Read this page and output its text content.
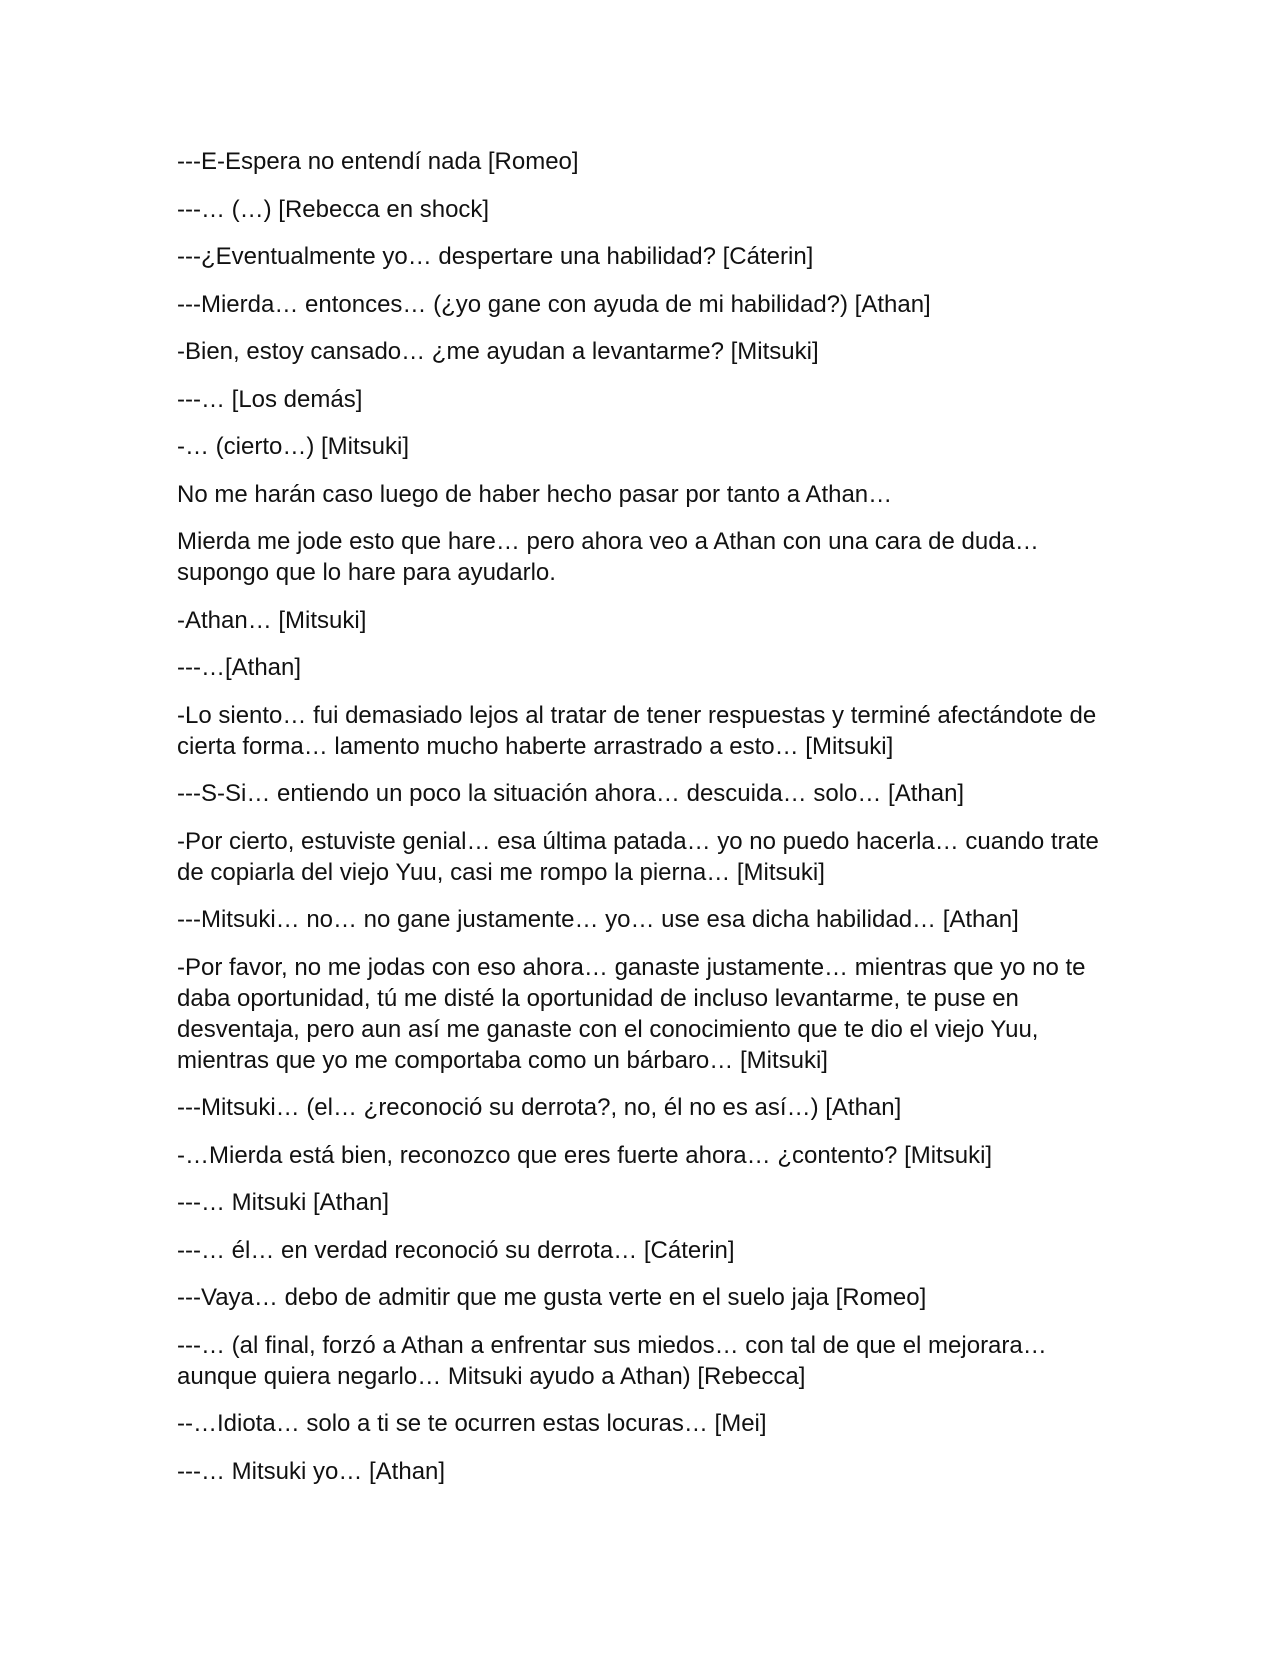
---E-Espera no entendí nada [Romeo]

---… (…) [Rebecca en shock]

---¿Eventualmente yo… despertare una habilidad? [Cáterin]

---Mierda… entonces… (¿yo gane con ayuda de mi habilidad?) [Athan]

-Bien, estoy cansado… ¿me ayudan a levantarme? [Mitsuki]

---… [Los demás]

-… (cierto…) [Mitsuki]

No me harán caso luego de haber hecho pasar por tanto a Athan…

Mierda me jode esto que hare… pero ahora veo a Athan con una cara de duda… supongo que lo hare para ayudarlo.

-Athan… [Mitsuki]

---…[Athan]

-Lo siento… fui demasiado lejos al tratar de tener respuestas y terminé afectándote de cierta forma… lamento mucho haberte arrastrado a esto… [Mitsuki]

---S-Si… entiendo un poco la situación ahora… descuida… solo… [Athan]

-Por cierto, estuviste genial… esa última patada… yo no puedo hacerla… cuando trate de copiarla del viejo Yuu, casi me rompo la pierna… [Mitsuki]

---Mitsuki… no… no gane justamente… yo… use esa dicha habilidad… [Athan]

-Por favor, no me jodas con eso ahora… ganaste justamente… mientras que yo no te daba oportunidad, tú me disté la oportunidad de incluso levantarme, te puse en desventaja, pero aun así me ganaste con el conocimiento que te dio el viejo Yuu, mientras que yo me comportaba como un bárbaro… [Mitsuki]

---Mitsuki… (el… ¿reconoció su derrota?, no, él no es así…) [Athan]

-…Mierda está bien, reconozco que eres fuerte ahora… ¿contento? [Mitsuki]

---… Mitsuki [Athan]

---… él… en verdad reconoció su derrota… [Cáterin]

---Vaya… debo de admitir que me gusta verte en el suelo jaja [Romeo]

---… (al final, forzó a Athan a enfrentar sus miedos… con tal de que el mejorara… aunque quiera negarlo… Mitsuki ayudo a Athan) [Rebecca]

--…Idiota… solo a ti se te ocurren estas locuras… [Mei]

---… Mitsuki yo… [Athan]
